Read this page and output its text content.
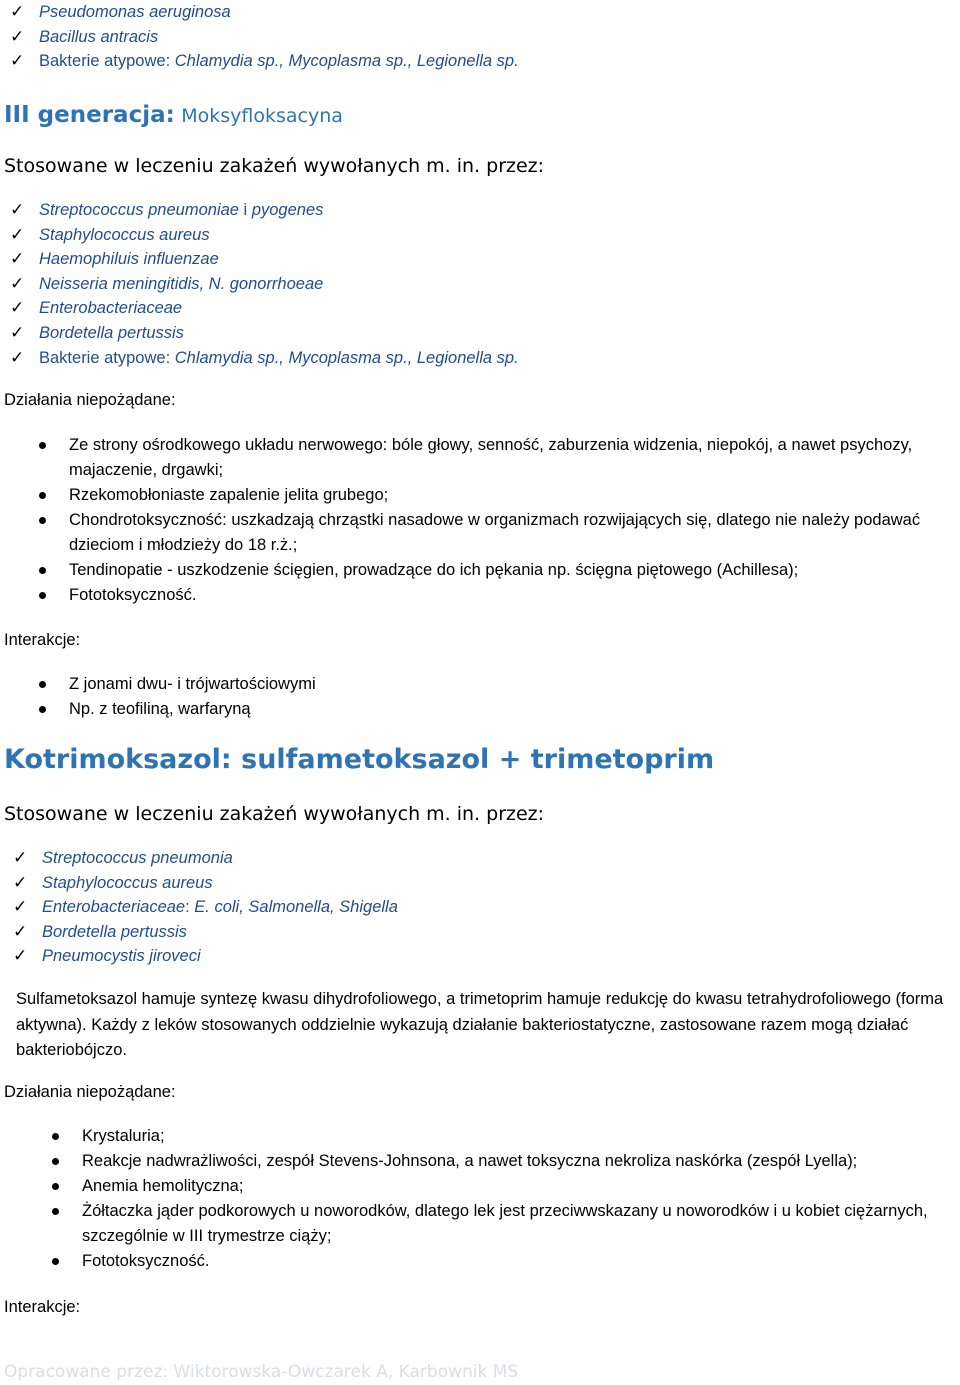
✓ Pseudomonas aeruginosa
✓ Bacillus antracis
✓ Bakterie atypowe: Chlamydia sp., Mycoplasma sp., Legionella sp.
III generacja: Moksyfloksacyna
Stosowane w leczeniu zakażeń wywołanych m. in. przez:
✓ Streptococcus pneumoniae i pyogenes
✓ Staphylococcus aureus
✓ Haemophiluis influenzae
✓ Neisseria meningitidis, N. gonorrhoeae
✓ Enterobacteriaceae
✓ Bordetella pertussis
✓ Bakterie atypowe: Chlamydia sp., Mycoplasma sp., Legionella sp.
Działania niepożądane:
Ze strony ośrodkowego układu nerwowego: bóle głowy, senność, zaburzenia widzenia, niepokój, a nawet psychozy, majaczenie, drgawki;
Rzekomobłoniaste zapalenie jelita grubego;
Chondrotoksyczność: uszkadzają chrząstki nasadowe w organizmach rozwijających się, dlatego nie należy podawać dzieciom i młodzieży do 18 r.ż.;
Tendinopatie - uszkodzenie ścięgien, prowadzące do ich pękania np. ścięgna piętowego (Achillesa);
Fototoksyczność.
Interakcje:
Z jonami dwu- i trójwartościowymi
Np. z teofiliną, warfaryną
Kotrimoksazol: sulfametoksazol + trimetoprim
Stosowane w leczeniu zakażeń wywołanych m. in. przez:
✓ Streptococcus pneumonia
✓ Staphylococcus aureus
✓ Enterobacteriaceae: E. coli, Salmonella, Shigella
✓ Bordetella pertussis
✓ Pneumocystis jiroveci
Sulfametoksazol hamuje syntezę kwasu dihydrofoliowego, a trimetoprim hamuje redukcję do kwasu tetrahydrofoliowego (forma aktywna). Każdy z leków stosowanych oddzielnie wykazują działanie bakteriostatyczne, zastosowane razem mogą działać bakteriobójczo.
Działania niepożądane:
Krystaluria;
Reakcje nadwrażliwości, zespół Stevens-Johnsona, a nawet toksyczna nekroliza naskórka (zespół Lyella);
Anemia hemolityczna;
Żółtaczka jąder podkorowych u noworodków, dlatego lek jest przeciwwskazany u noworodków i u kobiet ciężarnych, szczególnie w III trymestrze ciąży;
Fototoksyczność.
Interakcje:
Opracowane przez: Wiktorowska-Owczarek A, Karbownik MS
